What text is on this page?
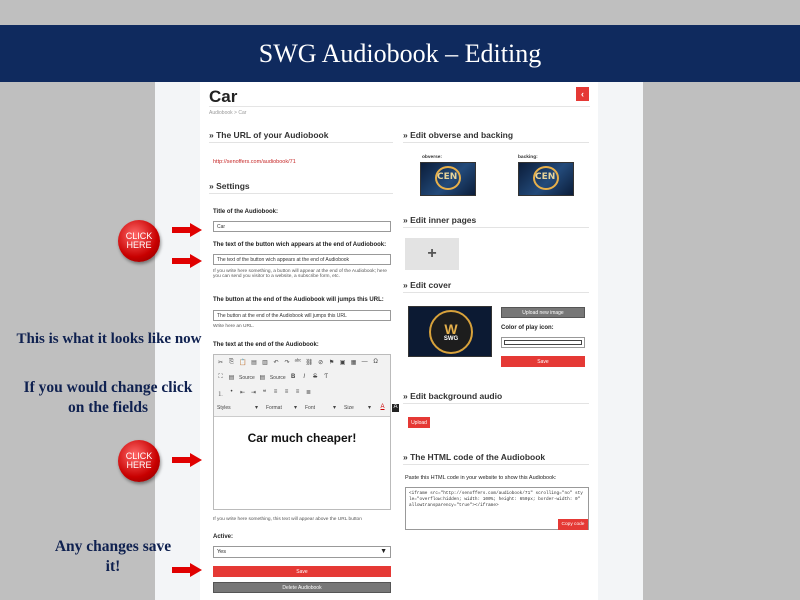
SWG Audiobook – Editing
Car	‹
Audiobook > Car
» The URL of your Audiobook
http://senoffers.com/audiobook/71
» Settings
Title of the Audiobook:
Car
The text of the button wich appears at the end of Audiobook:
The text of the button wich appears at the end of Audiobook
If you write here something, a button will appear at the end of the Audiobook; here you can send you visitor to a website, a subscribe form, etc.
The button at the end of the Audiobook will jumps this URL:
The button at the end of the Audiobook will jumps this URL
Write here an URL.
The text at the end of the Audiobook:
✂ ⎘ 📋 ▤ ▥ ↶ ↷ ᵃᵇᶜ ⛓ ⊘ ⚑ ▣ ▦ ― Ω
⛶ ▤ Source ▤ Source B	I	S Ƭ
⒈	•	⇤ ⇥	❝	≡ ≡ ≡ ≣
Styles	▾	Format	▾	Font	▾	Size	▾	A A
Car much cheaper!
If you write here something, this text will appear above the URL button
Active:
Yes	▼
Save
Delete Audiobook
» Edit obverse and backing
obverse:	backing:
CEN	CEN
» Edit inner pages
+
» Edit cover
W
SWG
Upload new image
Color of play icon:
Save
» Edit background audio
Upload
» The HTML code of the Audiobook
Paste this HTML code in your website to show this Audiobook:
<iframe src="http://senoffers.com/audiobook/71" scrolling="no" style="overflow:hidden; width: 100%; height: 650px; border-width: 0" allowtransparency="true"></iframe>
Copy code
CLICK HERE
This is what it looks like now
If you would change click on the fields
CLICK HERE
Any changes save it!
